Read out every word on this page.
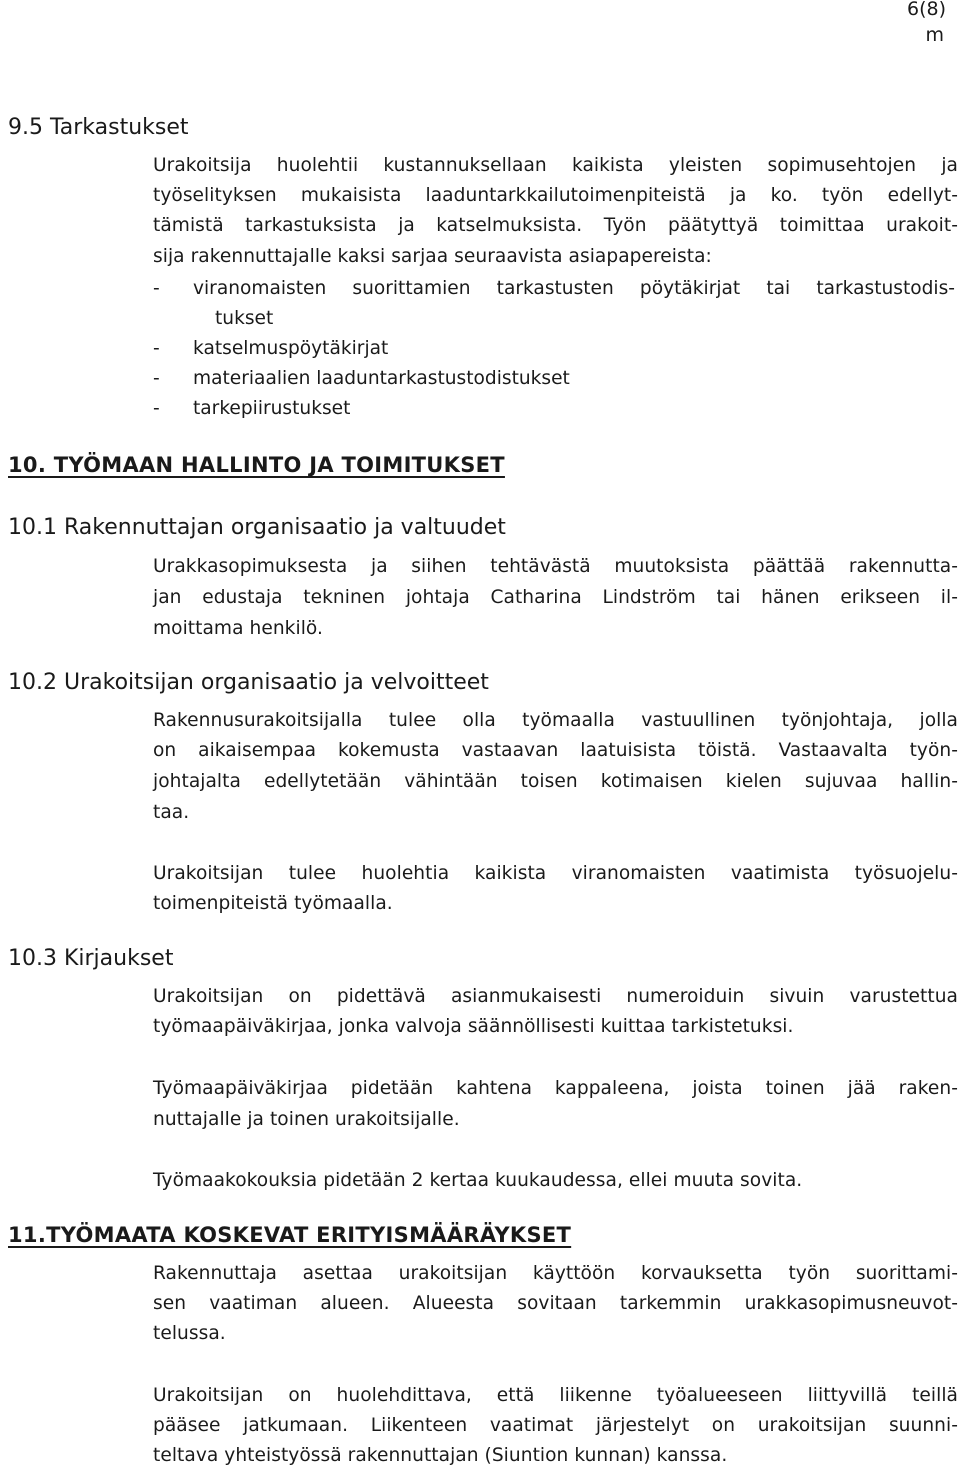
6(8)
m
9.5 Tarkastukset
Urakoitsija huolehtii kustannuksellaan kaikista yleisten sopimusehtojen ja
työselityksen mukaisista laaduntarkkailutoimenpiteistä ja ko. työn edellyt-
tämistä tarkastuksista ja katselmuksista. Työn päätyttyä toimittaa urakoit-
sija rakennuttajalle kaksi sarjaa seuraavista asiapapereista:
- viranomaisten suorittamien tarkastusten pöytäkirjat tai tarkastustodis-
tukset
- katselmuspöytäkirjat
- materiaalien laaduntarkastustodistukset
- tarkepiirustukset
10. TYÖMAAN HALLINTO JA TOIMITUKSET
10.1 Rakennuttajan organisaatio ja valtuudet
Urakkasopimuksesta ja siihen tehtävästä muutoksista päättää rakennutta-
jan edustaja tekninen johtaja Catharina Lindström tai hänen erikseen il-
moittama henkilö.
10.2 Urakoitsijan organisaatio ja velvoitteet
Rakennusurakoitsijalla tulee olla työmaalla vastuullinen työnjohtaja, jolla
on aikaisempaa kokemusta vastaavan laatuisista töistä. Vastaavalta työn-
johtajalta edellytetään vähintään toisen kotimaisen kielen sujuvaa hallin-
taa.
Urakoitsijan tulee huolehtia kaikista viranomaisten vaatimista työsuojelu-
toimenpiteistä työmaalla.
10.3 Kirjaukset
Urakoitsijan on pidettävä asianmukaisesti numeroiduin sivuin varustettua
työmaapäiväkirjaa, jonka valvoja säännöllisesti kuittaa tarkistetuksi.
Työmaapäiväkirjaa pidetään kahtena kappaleena, joista toinen jää raken-
nuttajalle ja toinen urakoitsijalle.
Työmaakokouksia pidetään 2 kertaa kuukaudessa, ellei muuta sovita.
11.TYÖMAATA KOSKEVAT ERITYISMÄÄRÄYKSET
Rakennuttaja asettaa urakoitsijan käyttöön korvauksetta työn suorittami-
sen vaatiman alueen. Alueesta sovitaan tarkemmin urakkasopimusneuvot-
telussa.
Urakoitsijan on huolehdittava, että liikenne työalueeseen liittyvillä teillä
pääsee jatkumaan. Liikenteen vaatimat järjestelyt on urakoitsijan suunni-
teltava yhteistyössä rakennuttajan (Siuntion kunnan) kanssa.
